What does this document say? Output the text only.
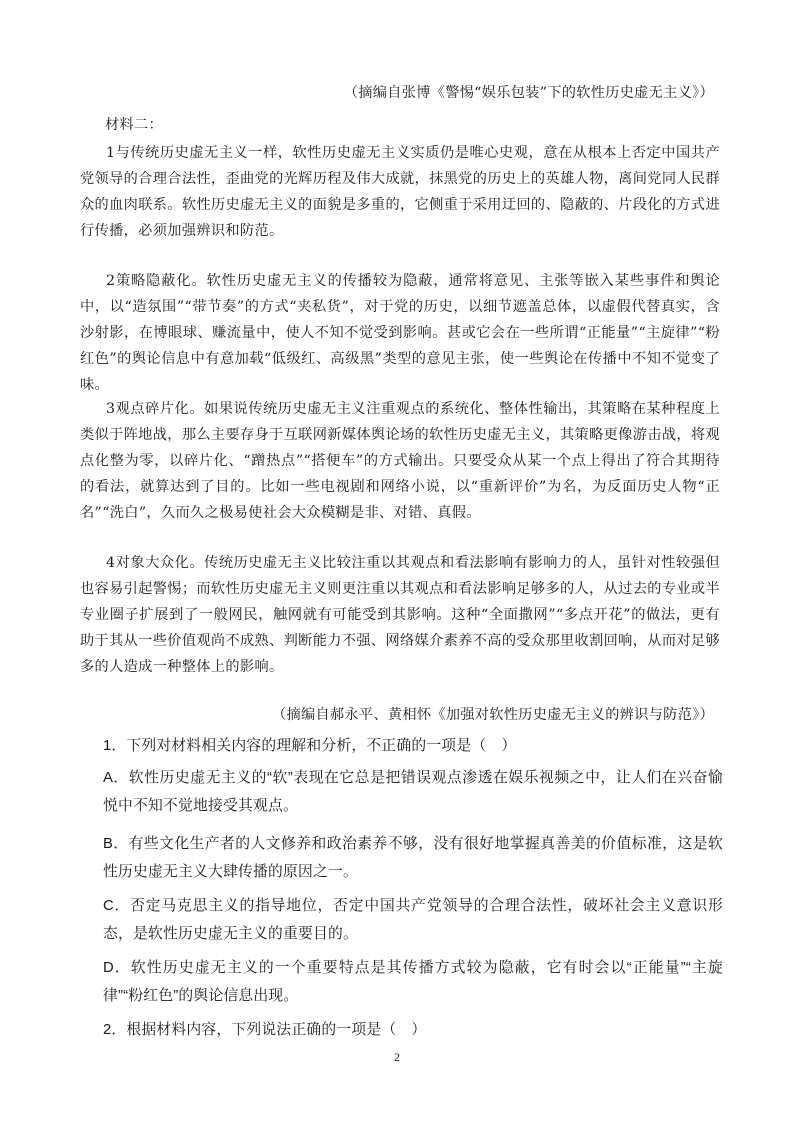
（摘编自张博《警惕“娱乐包装”下的软性历史虚无主义》）
材料二：

1与传统历史虚无主义一样，软性历史虚无主义实质仍是唯心史观，意在从根本上否定中国共产党领导的合理合法性，歪曲党的光辉历程及伟大成就，抹黑党的历史上的英雄人物，离间党同人民群众的血肉联系。软性历史虚无主义的面貌是多重的，它侧重于采用迂回的、隐蔽的、片段化的方式进行传播，必须加强辨识和防范。

2策略隐蔽化。软性历史虚无主义的传播较为隐蔽，通常将意见、主张等嵌入某些事件和舆论中，以“造氛围”“带节奏”的方式“夹私货”，对于党的历史，以细节遮盖总体，以虚假代替真实，含沙射影，在博眼球、赚流量中，使人不知不觉受到影响。甚或它会在一些所谓“正能量”“主旋律”“粉红色”的舆论信息中有意加载“低级红、高级黑”类型的意见主张，使一些舆论在传播中不知不觉变了味。

3观点碎片化。如果说传统历史虚无主义注重观点的系统化、整体性输出，其策略在某种程度上类似于阵地战，那么主要存身于互联网新媒体舆论场的软性历史虚无主义，其策略更像游击战，将观点化整为零，以碎片化、“蹭热点”“搭便车”的方式输出。只要受众从某一个点上得出了符合其期待的看法，就算达到了目的。比如一些电视剧和网络小说，以“重新评价”为名，为反面历史人物“正名”“洗白”，久而久之极易使社会大众模糊是非、对错、真假。

4对象大众化。传统历史虚无主义比较注重以其观点和看法影响有影响力的人，虽针对性较强但也容易引起警惕；而软性历史虚无主义则更注重以其观点和看法影响足够多的人，从过去的专业或半专业圈子扩展到了一般网民，触网就有可能受到其影响。这种“全面撒网”“多点开花”的做法，更有助于其从一些价值观尚不成熟、判断能力不强、网络媒介素养不高的受众那里收割回响，从而对足够多的人造成一种整体上的影响。

（摘编自郝永平、黄相怀《加强对软性历史虚无主义的辨识与防范》）

1．下列对材料相关内容的理解和分析，不正确的一项是（　）

A．软性历史虚无主义的“软”表现在它总是把错误观点渗透在娱乐视频之中，让人们在兴奋愉悦中不知不觉地接受其观点。

B．有些文化生产者的人文修养和政治素养不够，没有很好地掌握真善美的价值标准，这是软性历史虚无主义大肆传播的原因之一。

C．否定马克思主义的指导地位，否定中国共产党领导的合理合法性，破坏社会主义意识形态，是软性历史虚无主义的重要目的。

D．软性历史虚无主义的一个重要特点是其传播方式较为隐蔽，它有时会以“正能量”“主旋律”“粉红色”的舆论信息出现。

2．根据材料内容，下列说法正确的一项是（　）

2
